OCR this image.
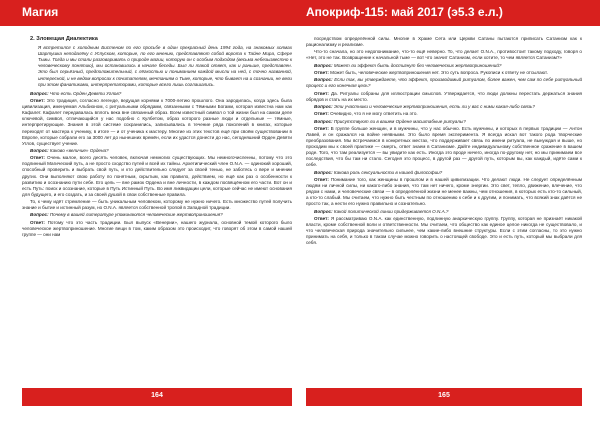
Магия	Апокриф-115: май 2017 (э5.3 е.л.)
2. Зловещая Диалектика
Я встретился с холодным Бистеном по его просьбе в один прекрасный день 1994 года, на знакомых холмах Шартушка неподалёку с Успуском, которые, по его мнению, представляют собой ворота к Тайне Мира, Сфере Тьмы. Тогда и мы стали разговаривать о природе магии, которую он с особым подходом (весьма небезызвестно к человеческому понятию), мы остановились в начале беседы. Был ли такой ответ, как и раньше, представлен. Это был серьёзный, предположительный, с лёгкостью и пониманием каждой мысли на ней, с точно названной, интересной, и не ведом вопросах к почитателям, мечтаниям о Тьме, которые, что бывает на и сознании, не вели при этом фанатиками, интерпретаторами, которые всего лишь соглашались.

Вопрос: Что есть Орден Девяти Углов?

Ответ: Это традиция, согласно легенде, ведущая корнями к 7000-летию прошлого. Она зародилась, когда здесь была цивилизация, именуемая Альбионом, с ритуальными обрядами, связанными с Тёмными Богами, которая известна нам как Кафалет. Кафалет передавалась вплоть века вне связанный образ. Всем известный символ о той жизни был на самом деле ключевой, символ, отличающийся у нас подобно с Кулбетом, образ которого разные люди и отдельные — тёмные, интерпретирующие. Знания в этой системе сохранились, записывались в течение ряда поколений в книгах, которые переходят от мастера к ученику, в итоге — и от ученика к мастеру. Многие из этих текстов ещё при своём существовании в Европе, которые собрали его за 3000 лет до нынешних времён, если их удастся донести до нас, сегодняшний Орден Девяти Углов, существует учение.

Вопрос: Каково «величие» Ордена?

Ответ: Очень малое, всего десять человек, включая немногих существующих. Мы немногочисленны, потому что это подлинный Магический путь, а не просто сходство путей и всей их тайны. Архетипический член O.N.A. — одинокий хороший, способный проверить и выбрать свой путь, и кто действительно следует за своей тенью, не заботясь о вере и мнении других. Они выполняют свою работу по понятным, скрытым, как правило, действием, но ещё как раз о особенности к развитию и осознанию пути себе. Его цель — вне рамок Ордена и вне личности, в каждом посвящённом его части. Вот он и есть Путь: поиск и осознание, которые в Путь Истинный Путь. Во имя ликвидации цели, которые сейчас не имеют основания для будущего, и его создать, и за своей душой в свои собственные правила.

То, к чему идёт стремление — быть уникальным человеком, которому не нужно ничего. Есть множество путей получить знание и бытие и истинный разум, но O.N.A. является собственной тропой в Западной традиции.

Вопрос: Почему в вашей литературе упоминаются человеческие жертвоприношения?

Ответ: Потому что это часть традиции. Был выпуск «Венерии», нашего журнала, основной темой которого было человеческое жертвоприношение. Многие вещи в том, каким образом это происходит, что говорят об этом в самой нашей группе — они нам

посредством определённой силы. Многие в Храме Сета или Церкви Сатаны пытаются приписать Сатанизм как к рационализму и реализме.

Что-то сначала, но это недопонимание, что-то ещё неверно. То, что делает O.N.A., противостоит такому подходу, говоря о «Нет, это не так. Возвращение к начальной тьме — вот что значит Сатанизм, если хотите, то чем является Сатанизм?»

Вопрос: Может ли эффект быть достигнут без человеческих жертвоприношений?

Ответ: Может быть, человеческие жертвоприношения нет. Это суть вопроса. Рукописи к ответу не отсылают.

Вопрос: Если так, вы утверждаете, что эффект, производимый ритуалом, более важен, чем сам по себе ритуальный процесс и его конечная цель?

Ответ: Да. Ритуалы собраны для иллюстрации смыслов. Утверждается, что люди должны перестать держаться знания обрядов и стать на их место.

Вопрос: Эти участники и человеческие жертвоприношения, есть ли у вас с ними какая-либо связь?

Ответ: Очевидно, что я не могу ответить на это.

Вопрос: Присутствуют ли в вашем Ордене масштабные ритуалы?

Ответ: В группе больше женщин, и в мужчины, что у нас обычно. Есть мужчины, и которых в первых традиции — Антон Лавей, и он сражался на войне неявными. Это было время эксперимента. Я всегда искал вот такого рода творческие преобразования. Мы встречаемся в конкретных местах, что поддерживает связь по имени ритуала, не вынуждая и выше, но проходим мы к своей практике — смерть, ответ знаем в Сатанизме. Дайте индивидуальному собственное сражение в вашем роде. Того, что там реализуется — вы увидите как есть. Иногда это вроде ничего, иногда по-другому нет, но мы принимаем все последствия, что бы там ни стало. Сегодня это процесс, в другой раз — другой путь, которым вы, как каждый, идёте сами к себе.

Вопрос: Какова роль сексуальности в нашей философии?

Ответ: Понимание того, как женщины в прошлом и в нашей цивилизации. Что делают люди. Не следует определённым людям ни личной силы, ни какого-либо знания, что там нет ничего, кроме энергии. Это свет, тепло, движение, влечение, что рядом с нами, и человеческие связи — в определённой жизни не менее важны, чем отношения, в которых есть кто-то сильный, а кто-то слабый. Мы считаем, что нужно быть честным по отношению к себе и к другим, и понимать, что всякий знак даётся не просто так, а нести его нужно правильно и сознательно.

Вопрос: Какой политической линии придерживается O.N.A.?

Ответ: Я рассматриваю O.N.A. как единственную, подлинную анархическую группу. Группу, которая не признаёт никакой власти, кроме собственной воли и ответственности. Мы считаем, что общество как единое целое никогда не существовало, и что человеческая природа значительно сильнее, чем какие-либо внешние структуры. Если с этим согласны, то это нужно принимать на себя, и только в таком случае можно говорить о настоящей свободе. Это и есть путь, который мы выбрали для себя.

164	165
